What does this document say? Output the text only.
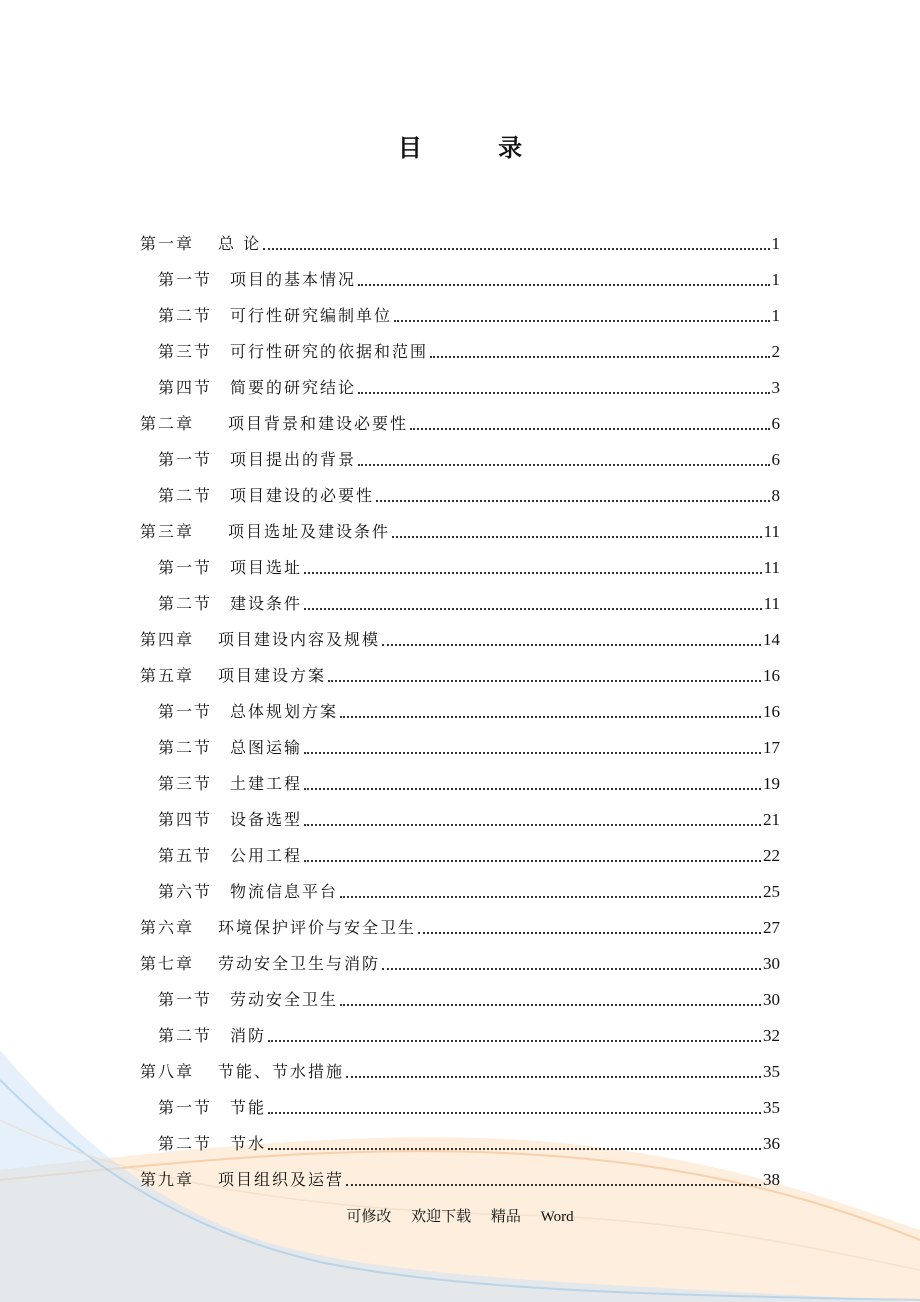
目 录
第一章 总 论	1
第一节 项目的基本情况	1
第二节 可行性研究编制单位	1
第三节 可行性研究的依据和范围	2
第四节 简要的研究结论	3
第二章 项目背景和建设必要性	6
第一节 项目提出的背景	6
第二节 项目建设的必要性	8
第三章 项目选址及建设条件	11
第一节 项目选址	11
第二节 建设条件	11
第四章 项目建设内容及规模	14
第五章 项目建设方案	16
第一节 总体规划方案	16
第二节 总图运输	17
第三节 土建工程	19
第四节 设备选型	21
第五节 公用工程	22
第六节 物流信息平台	25
第六章 环境保护评价与安全卫生	27
第七章 劳动安全卫生与消防	30
第一节 劳动安全卫生	30
第二节 消防	32
第八章 节能、节水措施	35
第一节 节能	35
第二节 节水	36
第九章 项目组织及运营	38
可修改 欢迎下载 精品 Word
